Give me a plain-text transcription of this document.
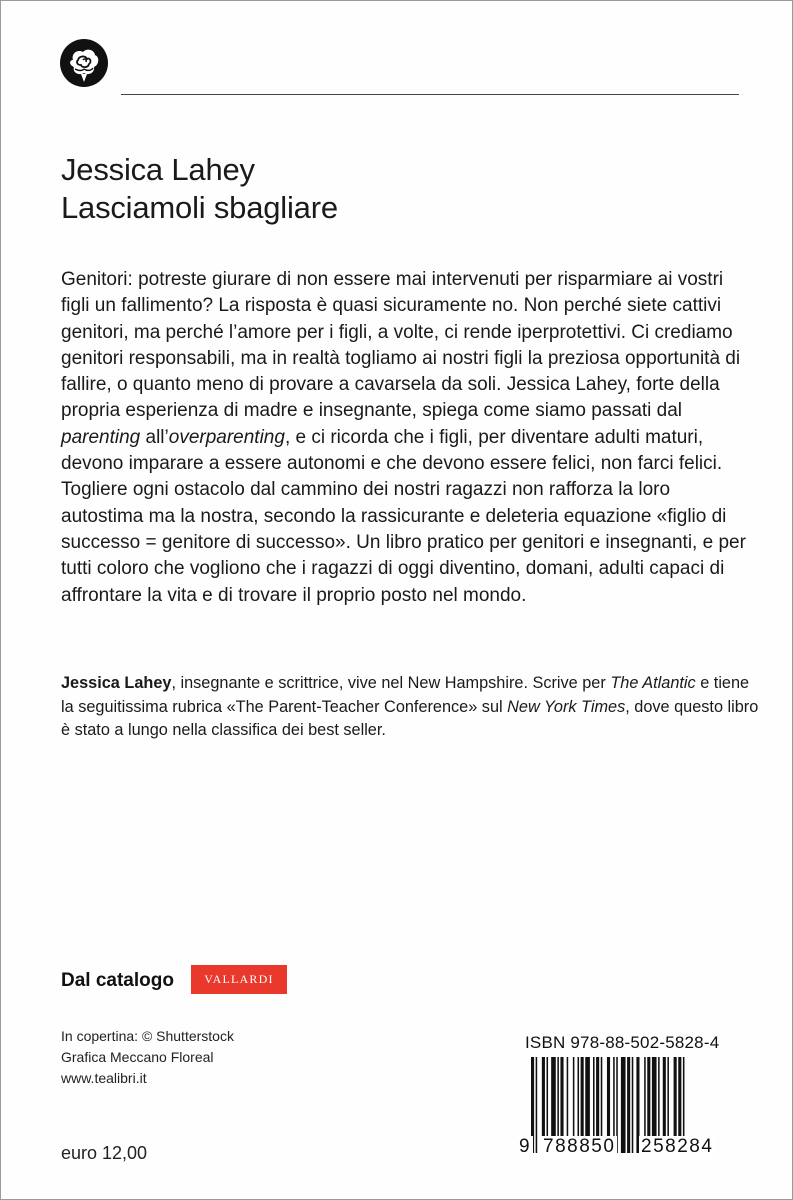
Jessica Lahey
Lasciamoli sbagliare

Genitori: potreste giurare di non essere mai intervenuti per risparmiare ai vostri figli un fallimento? La risposta è quasi sicuramente no. Non perché siete cattivi genitori, ma perché l’amore per i figli, a volte, ci rende iperprotettivi. Ci crediamo genitori responsabili, ma in realtà togliamo ai nostri figli la preziosa opportunità di fallire, o quanto meno di provare a cavarsela da soli. Jessica Lahey, forte della propria esperienza di madre e insegnante, spiega come siamo passati dal parenting all’overparenting, e ci ricorda che i figli, per diventare adulti maturi, devono imparare a essere autonomi e che devono essere felici, non farci felici. Togliere ogni ostacolo dal cammino dei nostri ragazzi non rafforza la loro autostima ma la nostra, secondo la rassicurante e deleteria equazione «figlio di successo = genitore di successo». Un libro pratico per genitori e insegnanti, e per tutti coloro che vogliono che i ragazzi di oggi diventino, domani, adulti capaci di affrontare la vita e di trovare il proprio posto nel mondo.

Jessica Lahey, insegnante e scrittrice, vive nel New Hampshire. Scrive per The Atlantic e tiene la seguitissima rubrica «The Parent-Teacher Conference» sul New York Times, dove questo libro è stato a lungo nella classifica dei best seller.

Dal catalogo	VALLARDI
In copertina: © Shutterstock
Grafica Meccano Floreal
www.tealibri.it
euro 12,00
ISBN 978-88-502-5828-4
9 788850 258284
